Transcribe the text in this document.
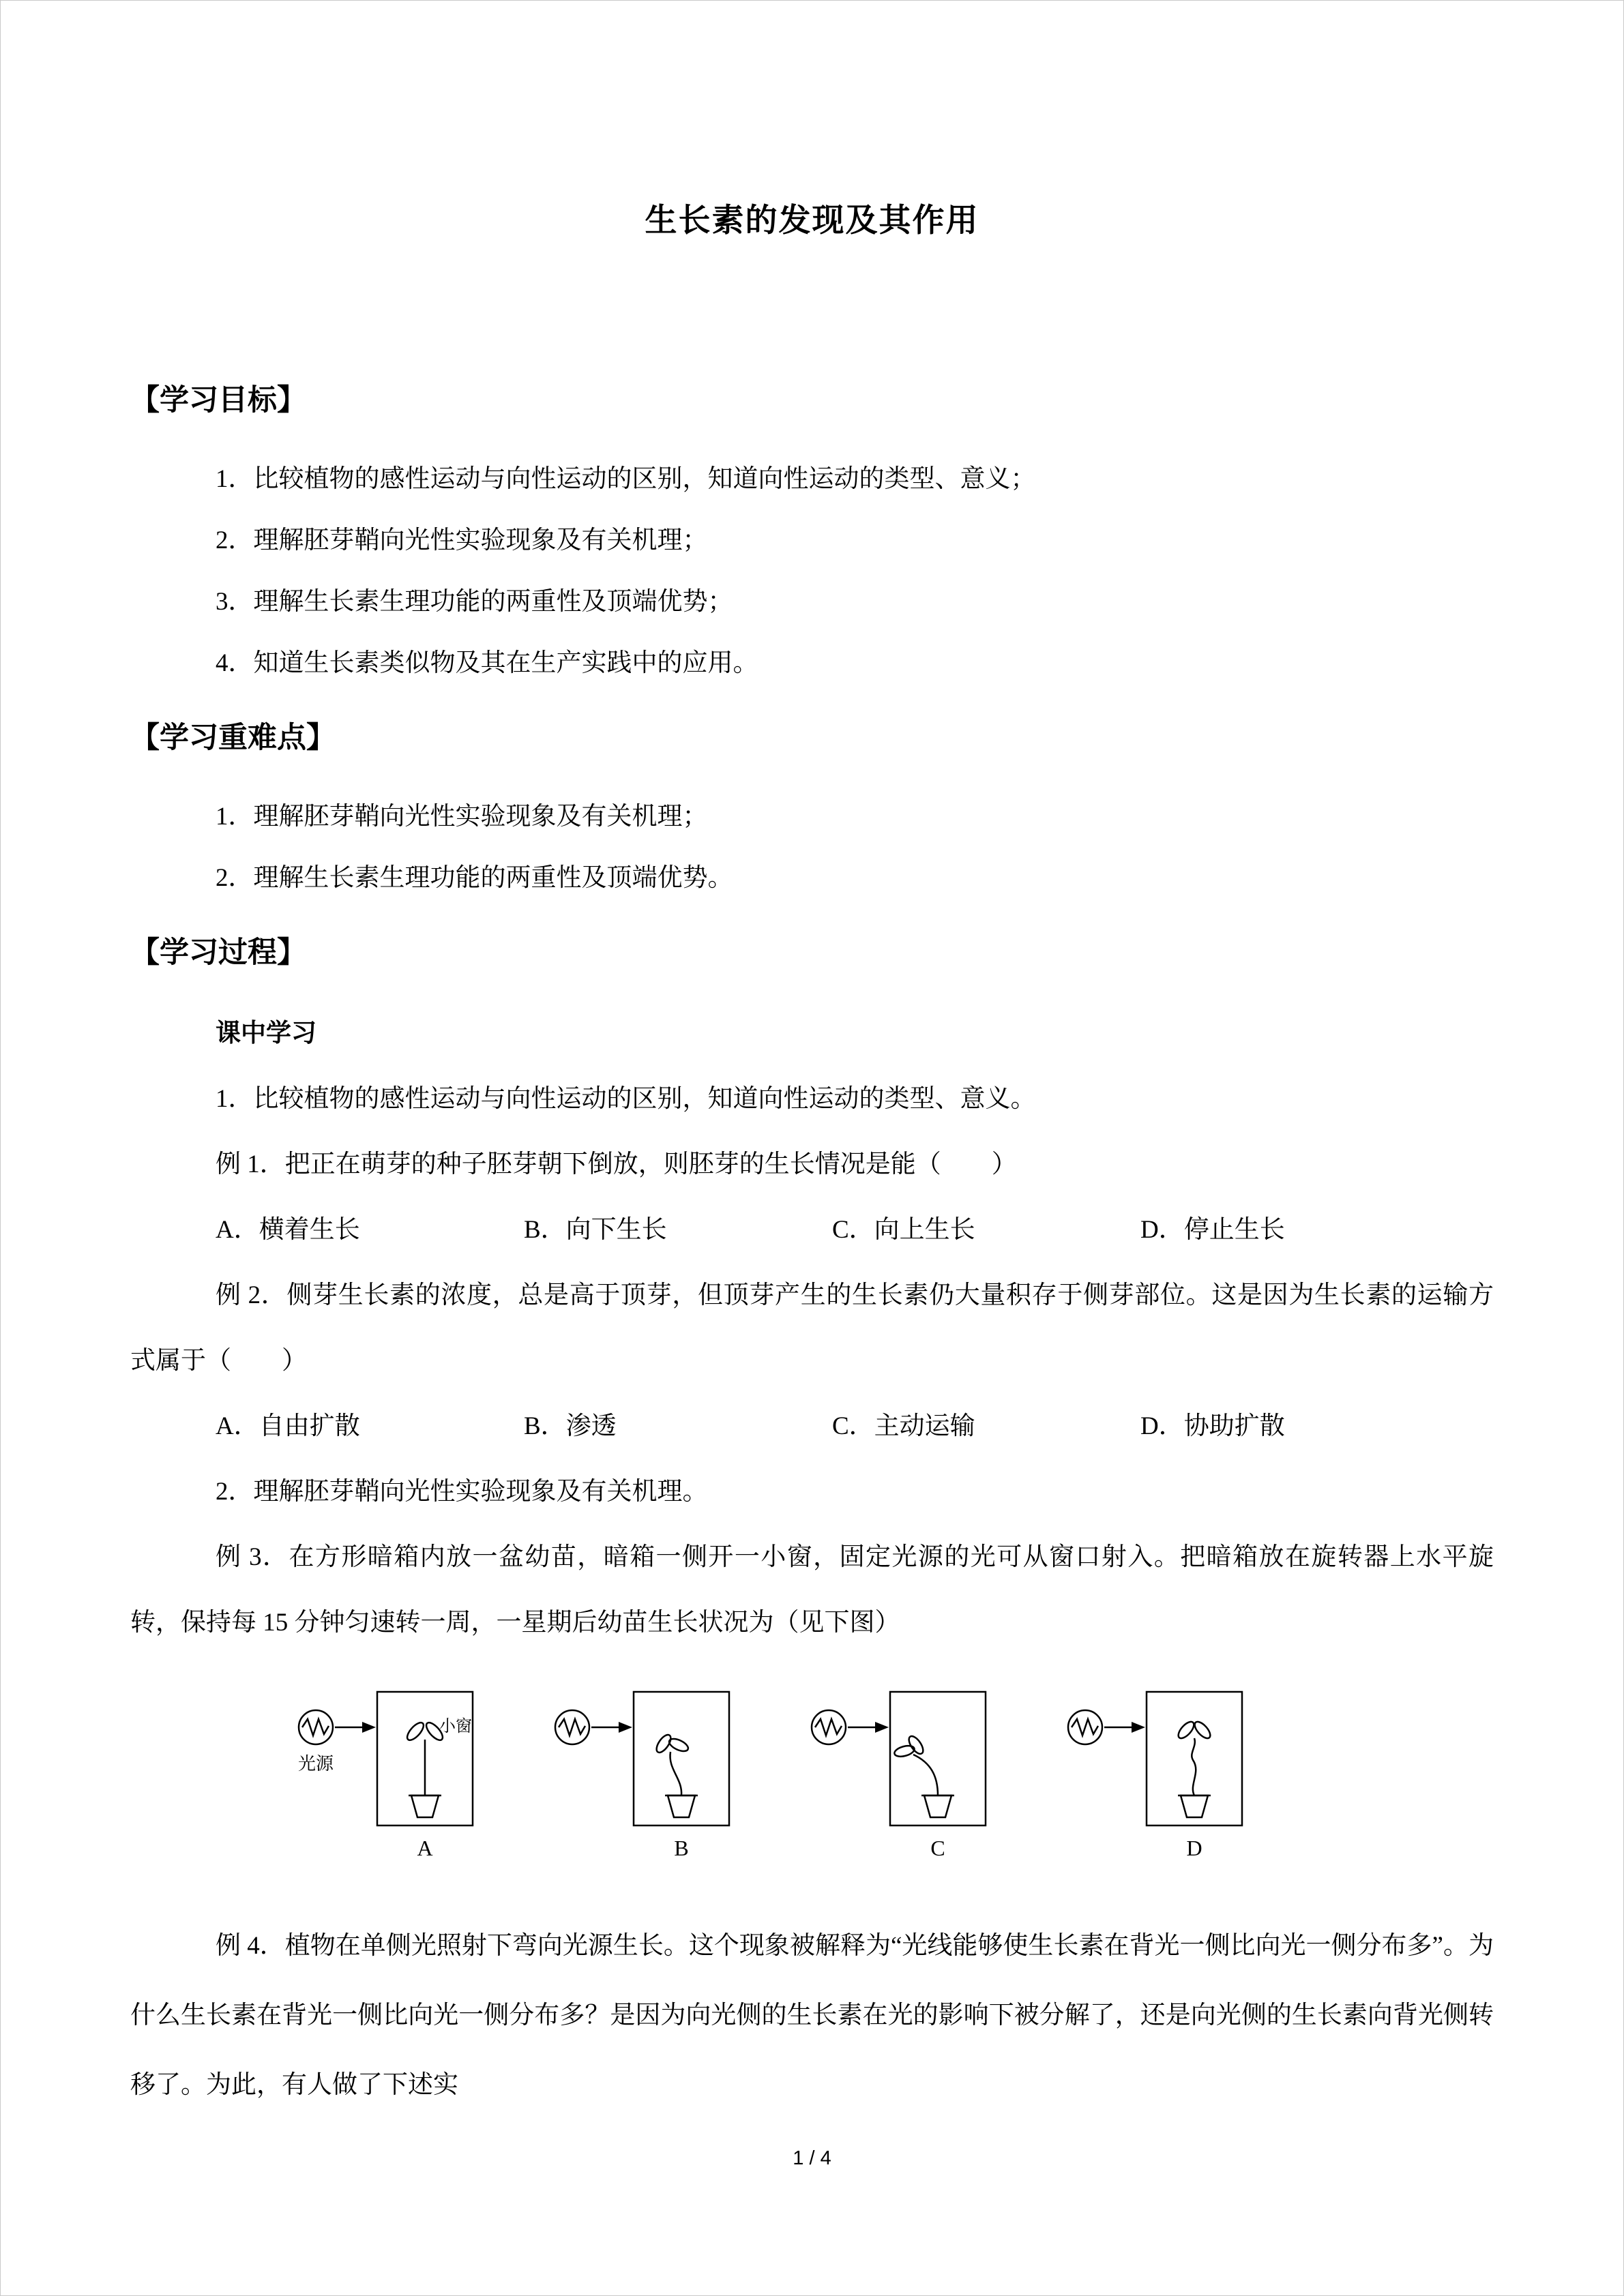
生长素的发现及其作用
【学习目标】

1．比较植物的感性运动与向性运动的区别，知道向性运动的类型、意义；

2．理解胚芽鞘向光性实验现象及有关机理；

3．理解生长素生理功能的两重性及顶端优势；

4．知道生长素类似物及其在生产实践中的应用。

【学习重难点】

1．理解胚芽鞘向光性实验现象及有关机理；

2．理解生长素生理功能的两重性及顶端优势。

【学习过程】

课中学习

1．比较植物的感性运动与向性运动的区别，知道向性运动的类型、意义。

例 1．把正在萌芽的种子胚芽朝下倒放，则胚芽的生长情况是能（　　）

A．横着生长	B．向下生长	C．向上生长	D．停止生长

例 2．侧芽生长素的浓度，总是高于顶芽，但顶芽产生的生长素仍大量积存于侧芽部位。这是因为生长素的运输方式属于（　　）

A．自由扩散	B．渗透	C．主动运输	D．协助扩散

2．理解胚芽鞘向光性实验现象及有关机理。

例 3．在方形暗箱内放一盆幼苗，暗箱一侧开一小窗，固定光源的光可从窗口射入。把暗箱放在旋转器上水平旋转，保持每 15 分钟匀速转一周，一星期后幼苗生长状况为（见下图）

光源
小窗
A	B	C	D

例 4．植物在单侧光照射下弯向光源生长。这个现象被解释为“光线能够使生长素在背光一侧比向光一侧分布多”。为什么生长素在背光一侧比向光一侧分布多？是因为向光侧的生长素在光的影响下被分解了，还是向光侧的生长素向背光侧转移了。为此，有人做了下述实

1 / 4
